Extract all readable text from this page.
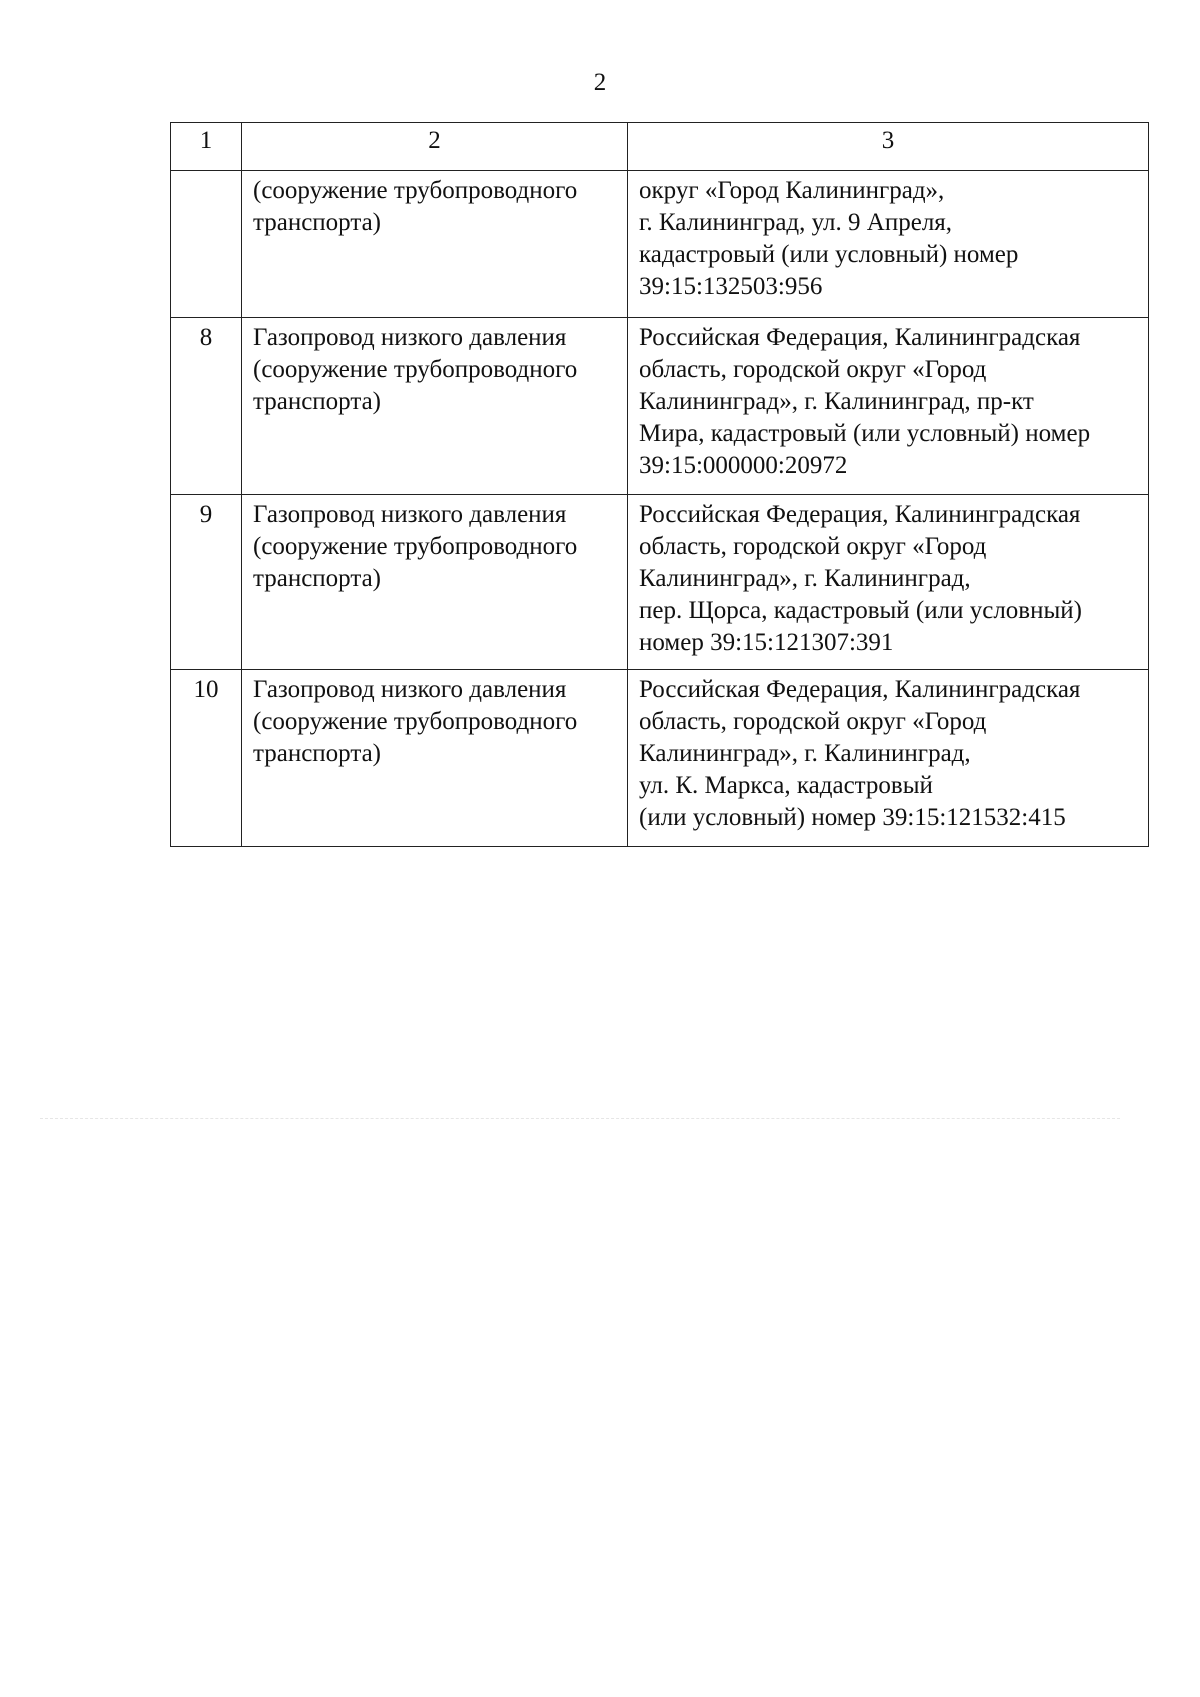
2
1	2	3

	(сооружение трубопроводного
транспорта)	округ «Город Калининград»,
г. Калининград, ул. 9 Апреля,
кадастровый (или условный) номер
39:15:132503:956

8	Газопровод низкого давления
(сооружение трубопроводного
транспорта)	Российская Федерация, Калининградская
область, городской округ «Город
Калининград», г. Калининград, пр-кт
Мира, кадастровый (или условный) номер
39:15:000000:20972

9	Газопровод низкого давления
(сооружение трубопроводного
транспорта)	Российская Федерация, Калининградская
область, городской округ «Город
Калининград», г. Калининград,
пер. Щорса, кадастровый (или условный)
номер 39:15:121307:391

10	Газопровод низкого давления
(сооружение трубопроводного
транспорта)	Российская Федерация, Калининградская
область, городской округ «Город
Калининград», г. Калининград,
ул. К. Маркса, кадастровый
(или условный) номер 39:15:121532:415
